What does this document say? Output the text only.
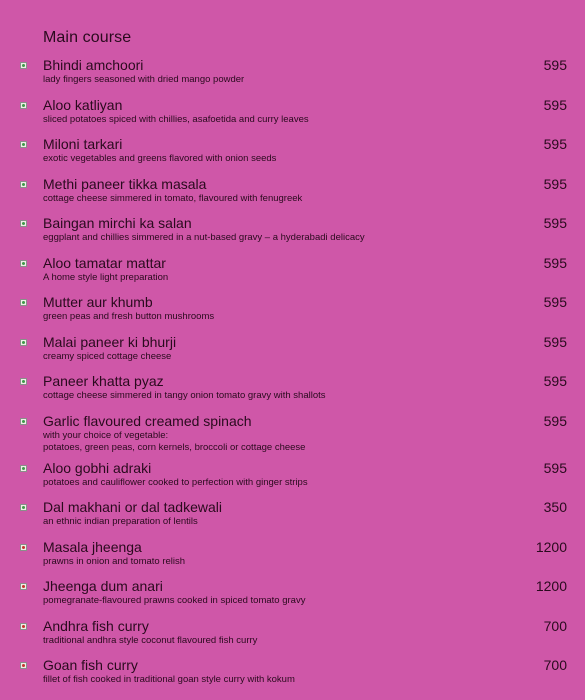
Main course
Bhindi amchoori
lady fingers seasoned with dried mango powder
595
Aloo katliyan
sliced potatoes spiced with chillies, asafoetida and curry leaves
595
Miloni tarkari
exotic vegetables and greens flavored with onion seeds
595
Methi paneer tikka masala
cottage cheese simmered in tomato, flavoured with fenugreek
595
Baingan mirchi ka salan
eggplant and chillies simmered in a nut-based gravy – a hyderabadi delicacy
595
Aloo tamatar mattar
A home style light preparation
595
Mutter aur khumb
green peas and fresh button mushrooms
595
Malai paneer ki bhurji
creamy spiced cottage cheese
595
Paneer khatta pyaz
cottage cheese simmered in tangy onion tomato gravy with shallots
595
Garlic flavoured creamed spinach
with your choice of vegetable:
potatoes, green peas, corn kernels, broccoli or cottage cheese
595
Aloo gobhi adraki
potatoes and cauliflower cooked to perfection with ginger strips
595
Dal makhani or dal tadkewali
an ethnic indian preparation of lentils
350
Masala jheenga
prawns in onion and tomato relish
1200
Jheenga dum anari
pomegranate-flavoured prawns cooked in spiced tomato gravy
1200
Andhra fish curry
traditional andhra style coconut flavoured fish curry
700
Goan fish curry
fillet of fish cooked in traditional goan style curry with kokum
700
